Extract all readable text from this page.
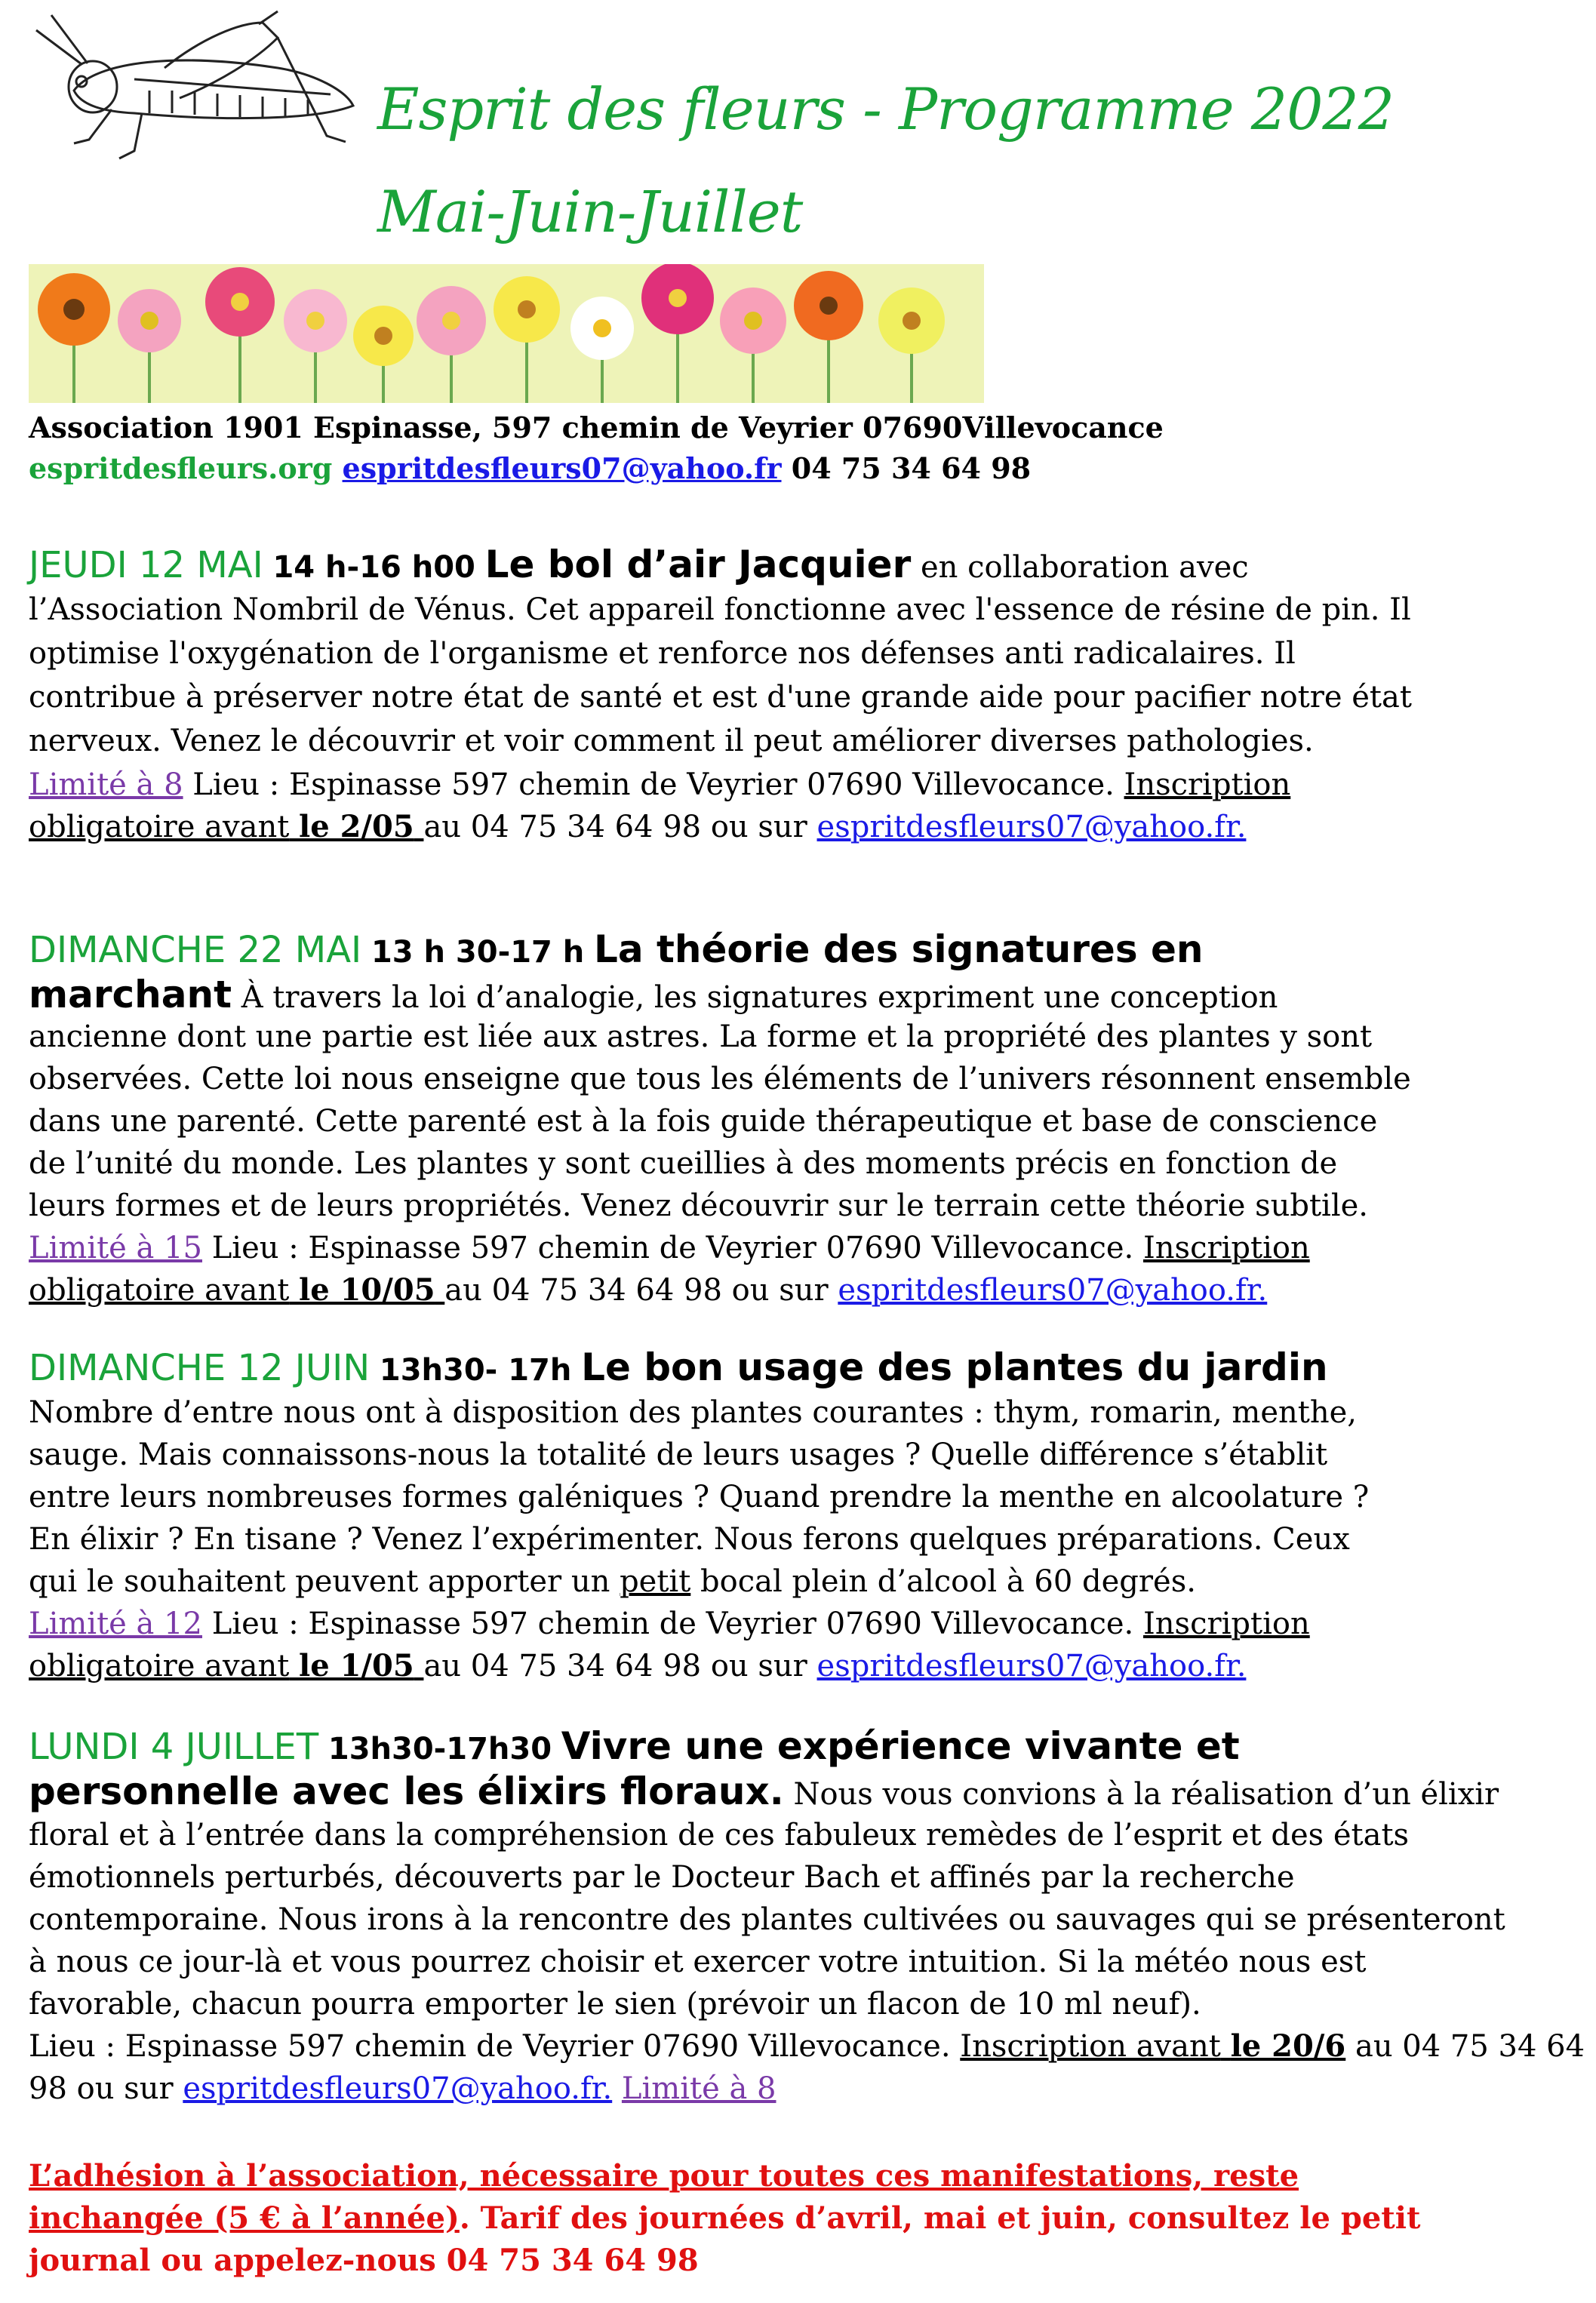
Esprit des fleurs - Programme 2022
Mai-Juin-Juillet
Association 1901 Espinasse, 597 chemin de Veyrier 07690Villevocance
espritdesfleurs.org espritdesfleurs07@yahoo.fr 04 75 34 64 98
JEUDI 12 MAI 14 h-16 h00 Le bol d’air Jacquier en collaboration avec
l’Association Nombril de Vénus. Cet appareil fonctionne avec l'essence de résine de pin. Il
optimise l'oxygénation de l'organisme et renforce nos défenses anti radicalaires. Il
contribue à préserver notre état de santé et est d'une grande aide pour pacifier notre état
nerveux. Venez le découvrir et voir comment il peut améliorer diverses pathologies.
Limité à 8 Lieu : Espinasse 597 chemin de Veyrier 07690 Villevocance. Inscription
obligatoire avant le 2/05 au 04 75 34 64 98 ou sur espritdesfleurs07@yahoo.fr.
DIMANCHE 22 MAI 13 h 30-17 h La théorie des signatures en
marchant À travers la loi d’analogie, les signatures expriment une conception
ancienne dont une partie est liée aux astres. La forme et la propriété des plantes y sont
observées. Cette loi nous enseigne que tous les éléments de l’univers résonnent ensemble
dans une parenté. Cette parenté est à la fois guide thérapeutique et base de conscience
de l’unité du monde. Les plantes y sont cueillies à des moments précis en fonction de
leurs formes et de leurs propriétés. Venez découvrir sur le terrain cette théorie subtile.
Limité à 15 Lieu : Espinasse 597 chemin de Veyrier 07690 Villevocance. Inscription
obligatoire avant le 10/05 au 04 75 34 64 98 ou sur espritdesfleurs07@yahoo.fr.
DIMANCHE 12 JUIN 13h30- 17h Le bon usage des plantes du jardin
Nombre d’entre nous ont à disposition des plantes courantes : thym, romarin, menthe,
sauge. Mais connaissons-nous la totalité de leurs usages ? Quelle différence s’établit
entre leurs nombreuses formes galéniques ? Quand prendre la menthe en alcoolature ?
En élixir ? En tisane ? Venez l’expérimenter. Nous ferons quelques préparations. Ceux
qui le souhaitent peuvent apporter un petit bocal plein d’alcool à 60 degrés.
Limité à 12 Lieu : Espinasse 597 chemin de Veyrier 07690 Villevocance. Inscription
obligatoire avant le 1/05 au 04 75 34 64 98 ou sur espritdesfleurs07@yahoo.fr.
LUNDI 4 JUILLET 13h30-17h30 Vivre une expérience vivante et
personnelle avec les élixirs floraux. Nous vous convions à la réalisation d’un élixir
floral et à l’entrée dans la compréhension de ces fabuleux remèdes de l’esprit et des états
émotionnels perturbés, découverts par le Docteur Bach et affinés par la recherche
contemporaine. Nous irons à la rencontre des plantes cultivées ou sauvages qui se présenteront
à nous ce jour-là et vous pourrez choisir et exercer votre intuition. Si la météo nous est
favorable, chacun pourra emporter le sien (prévoir un flacon de 10 ml neuf).
Lieu : Espinasse 597 chemin de Veyrier 07690 Villevocance. Inscription avant le 20/6 au 04 75 34 64
98 ou sur espritdesfleurs07@yahoo.fr. Limité à 8
L’adhésion à l’association, nécessaire pour toutes ces manifestations, reste
inchangée (5 € à l’année). Tarif des journées d’avril, mai et juin, consultez le petit
journal ou appelez-nous 04 75 34 64 98
